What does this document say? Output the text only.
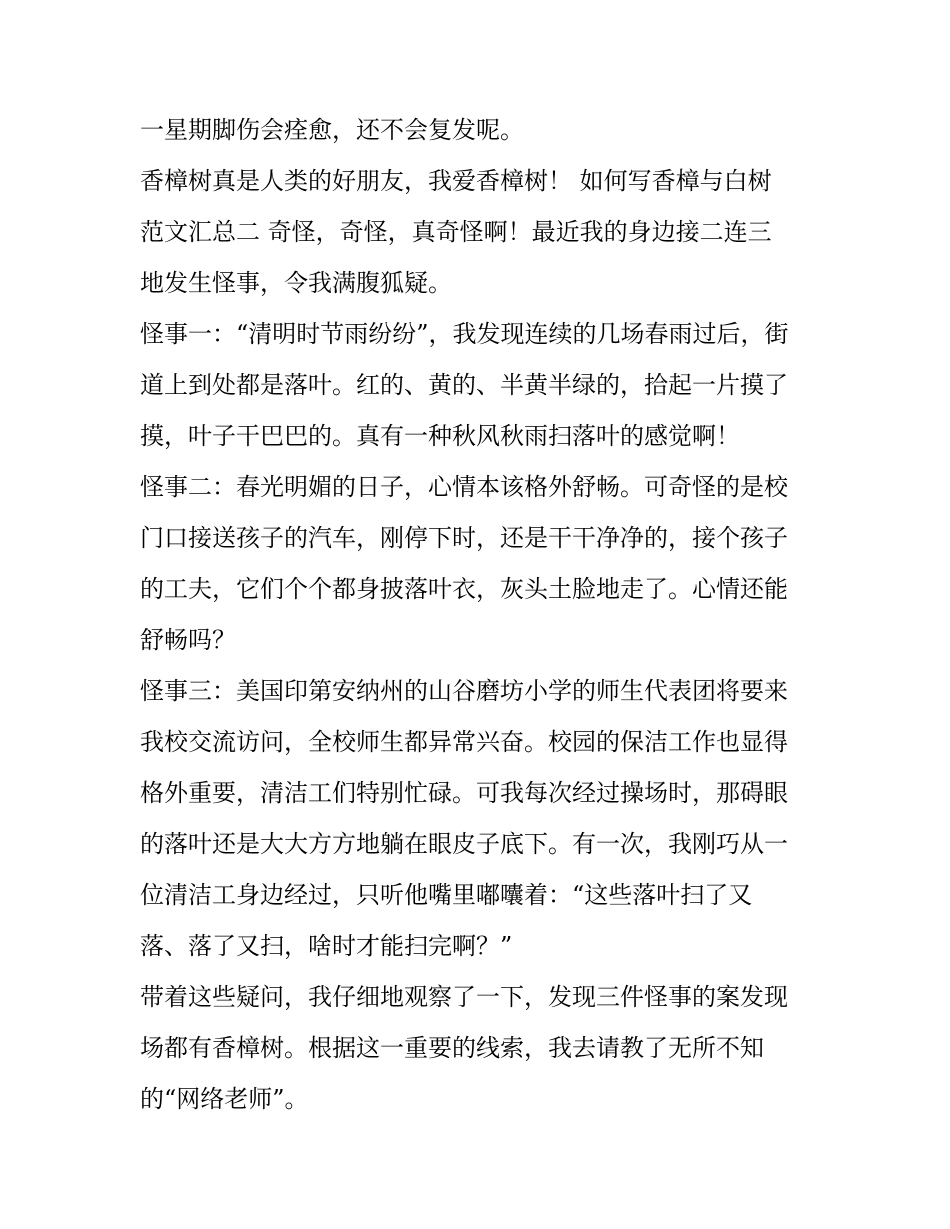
一星期脚伤会痊愈，还不会复发呢。
香樟树真是人类的好朋友，我爱香樟树！ 如何写香樟与白树
范文汇总二 奇怪，奇怪，真奇怪啊！最近我的身边接二连三
地发生怪事，令我满腹狐疑。
怪事一：“清明时节雨纷纷”，我发现连续的几场春雨过后，街
道上到处都是落叶。红的、黄的、半黄半绿的，拾起一片摸了
摸，叶子干巴巴的。真有一种秋风秋雨扫落叶的感觉啊！
怪事二：春光明媚的日子，心情本该格外舒畅。可奇怪的是校
门口接送孩子的汽车，刚停下时，还是干干净净的，接个孩子
的工夫，它们个个都身披落叶衣，灰头土脸地走了。心情还能
舒畅吗？
怪事三：美国印第安纳州的山谷磨坊小学的师生代表团将要来
我校交流访问，全校师生都异常兴奋。校园的保洁工作也显得
格外重要，清洁工们特别忙碌。可我每次经过操场时，那碍眼
的落叶还是大大方方地躺在眼皮子底下。有一次，我刚巧从一
位清洁工身边经过，只听他嘴里嘟囔着：“这些落叶扫了又
落、落了又扫，啥时才能扫完啊？”
带着这些疑问，我仔细地观察了一下，发现三件怪事的案发现
场都有香樟树。根据这一重要的线索，我去请教了无所不知
的“网络老师”。
